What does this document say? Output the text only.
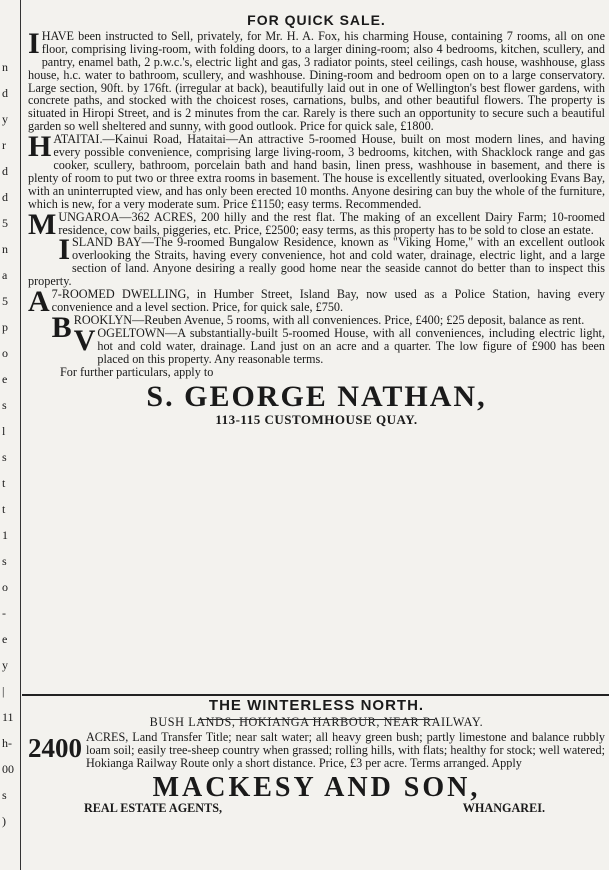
n
d
y
r
d
d
5
n
a
5
p
o
e
s
l
s
t
t
1
s
o
-
e
y
|
11
h-
00
s
)

FOR QUICK SALE.

IHAVE been instructed to Sell, privately, for Mr. H. A. Fox, his charming House, containing 7 rooms, all on one floor, comprising living-room, with folding doors, to a larger dining-room; also 4 bedrooms, kitchen, scullery, and pantry, enamel bath, 2 p.w.c.'s, electric light and gas, 3 radiator points, steel ceilings, cash house, washhouse, glass house, h.c. water to bathroom, scullery, and washhouse. Dining-room and bedroom open on to a large conservatory. Large section, 90ft. by 176ft. (irregular at back), beautifully laid out in one of Wellington's best flower gardens, with concrete paths, and stocked with the choicest roses, carnations, bulbs, and other beautiful flowers. The property is situated in Hiropi Street, and is 2 minutes from the car. Rarely is there such an opportunity to secure such a beautiful garden so well sheltered and sunny, with good outlook. Price for quick sale, £1800.

HATAITAI.—Kainui Road, Hataitai—An attractive 5-roomed House, built on most modern lines, and having every possible convenience, comprising large living-room, 3 bedrooms, kitchen, with Shacklock range and gas cooker, scullery, bathroom, porcelain bath and hand basin, linen press, washhouse in basement, and there is plenty of room to put two or three extra rooms in basement. The house is excellently situated, overlooking Evans Bay, with an uninterrupted view, and has only been erected 10 months. Anyone desiring can buy the whole of the furniture, which is new, for a very moderate sum. Price £1150; easy terms. Recommended.

MUNGAROA—362 ACRES, 200 hilly and the rest flat. The making of an excellent Dairy Farm; 10-roomed residence, cow bails, piggeries, etc. Price, £2500; easy terms, as this property has to be sold to close an estate.

ISLAND BAY—The 9-roomed Bungalow Residence, known as "Viking Home," with an excellent outlook overlooking the Straits, having every convenience, hot and cold water, drainage, electric light, and a large section of land. Anyone desiring a really good home near the seaside cannot do better than to inspect this property.

A 7-ROOMED DWELLING, in Humber Street, Island Bay, now used as a Police Station, having every convenience and a level section. Price, for quick sale, £750.

BROOKLYN—Reuben Avenue, 5 rooms, with all conveniences. Price, £400; £25 deposit, balance as rent.

VOGELTOWN—A substantially-built 5-roomed House, with all conveniences, including electric light, hot and cold water, drainage. Land just on an acre and a quarter. The low figure of £900 has been placed on this property. Any reasonable terms.

For further particulars, apply to

S. GEORGE NATHAN,

113-115 CUSTOMHOUSE QUAY.

THE WINTERLESS NORTH.

BUSH LANDS, HOKIANGA HARBOUR, NEAR RAILWAY.

2400 ACRES, Land Transfer Title; near salt water; all heavy green bush; partly limestone and balance rubbly loam soil; easily tree-sheep country when grassed; rolling hills, with flats; healthy for stock; well watered; Hokianga Railway Route only a short distance. Price, £3 per acre. Terms arranged. Apply

MACKESY AND SON,

REAL ESTATE AGENTS,	WHANGAREI.
